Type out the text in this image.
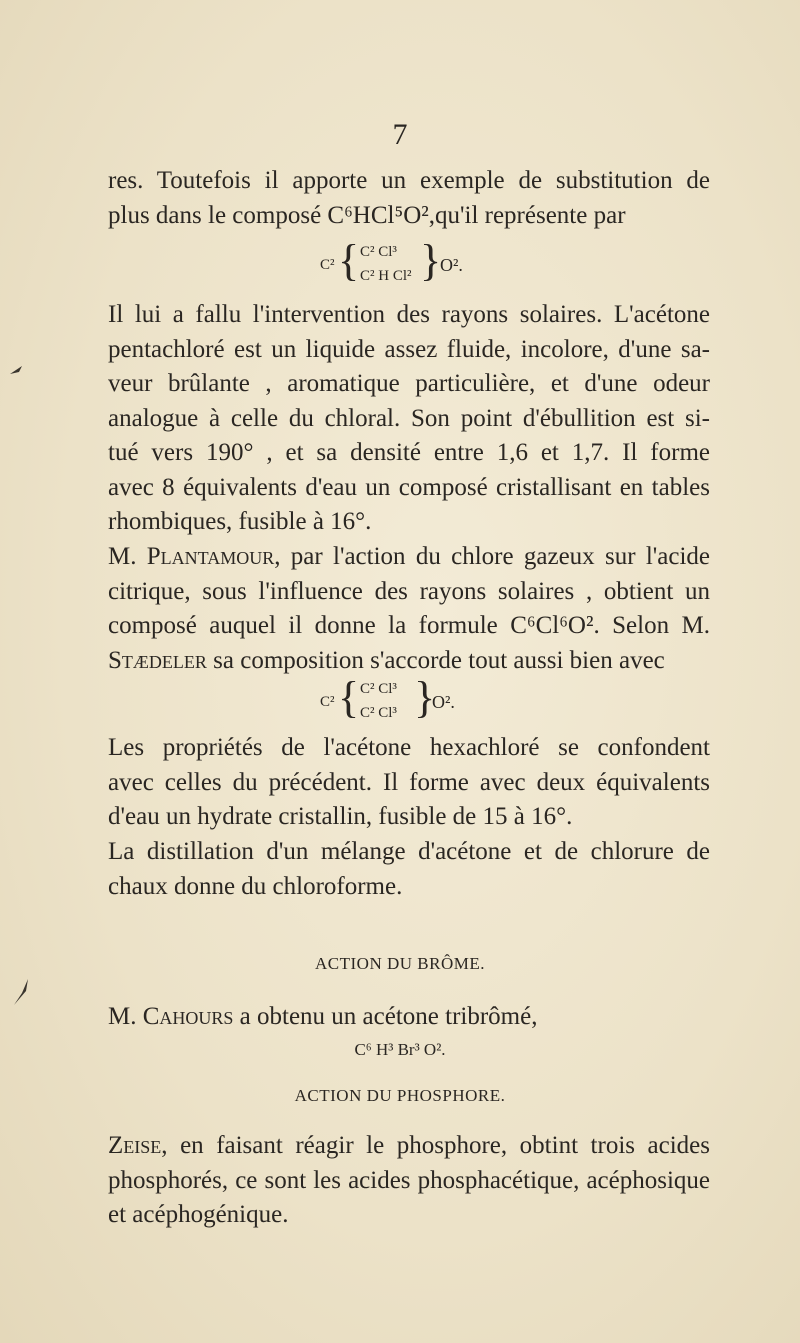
7
res. Toutefois il apporte un exemple de substitution de
plus dans le composé C⁶HCl⁵O²,qu'il représente par
C² { C² Cl³
C² H Cl² }
O².
Il lui a fallu l'intervention des rayons solaires. L'acétone
pentachloré est un liquide assez fluide, incolore, d'une sa-
veur brûlante , aromatique particulière, et d'une odeur
analogue à celle du chloral. Son point d'ébullition est si-
tué vers 190° , et sa densité entre 1,6 et 1,7. Il forme
avec 8 équivalents d'eau un composé cristallisant en tables
rhombiques, fusible à 16°.
M. Plantamour, par l'action du chlore gazeux sur l'acide
citrique, sous l'influence des rayons solaires , obtient un
composé auquel il donne la formule C⁶Cl⁶O². Selon M.
Stædeler sa composition s'accorde tout aussi bien avec
C² { C² Cl³
C² Cl³ }
O².
Les propriétés de l'acétone hexachloré se confondent
avec celles du précédent. Il forme avec deux équivalents
d'eau un hydrate cristallin, fusible de 15 à 16°.
La distillation d'un mélange d'acétone et de chlorure de
chaux donne du chloroforme.
ACTION DU BRÔME.
M. Cahours a obtenu un acétone tribrômé,
C⁶ H³ Br³ O².
ACTION DU PHOSPHORE.
Zeise, en faisant réagir le phosphore, obtint trois acides
phosphorés, ce sont les acides phosphacétique, acéphosique
et acéphogénique.
